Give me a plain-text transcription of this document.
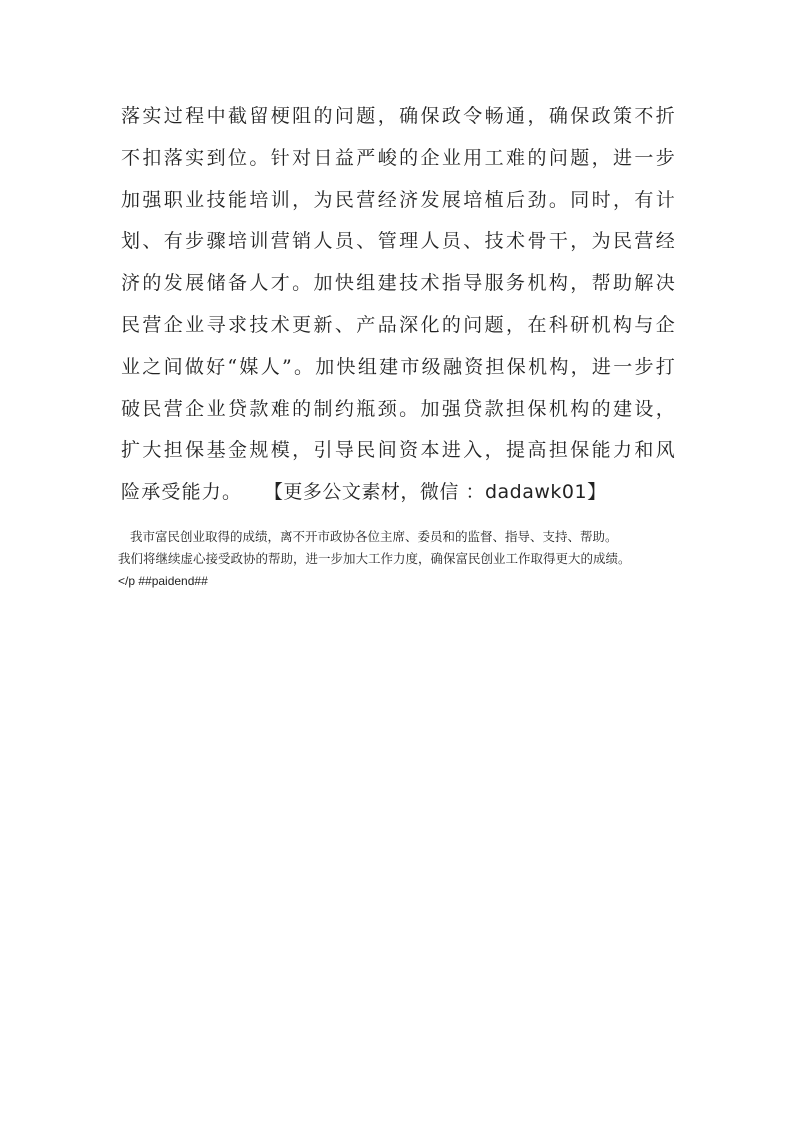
落实过程中截留梗阻的问题，确保政令畅通，确保政策不折
不扣落实到位。针对日益严峻的企业用工难的问题，进一步
加强职业技能培训，为民营经济发展培植后劲。同时，有计
划、有步骤培训营销人员、管理人员、技术骨干，为民营经
济的发展储备人才。加快组建技术指导服务机构，帮助解决
民营企业寻求技术更新、产品深化的问题，在科研机构与企
业之间做好“媒人”。加快组建市级融资担保机构，进一步打
破民营企业贷款难的制约瓶颈。加强贷款担保机构的建设，
扩大担保基金规模，引导民间资本进入，提高担保能力和风
险承受能力。 【更多公文素材，微信 ：dadawk01】

我市富民创业取得的成绩，离不开市政协各位主席、委员和的监督、指导、支持、帮助。
我们将继续虚心接受政协的帮助，进一步加大工作力度，确保富民创业工作取得更大的成绩。
</p ##paidend##
